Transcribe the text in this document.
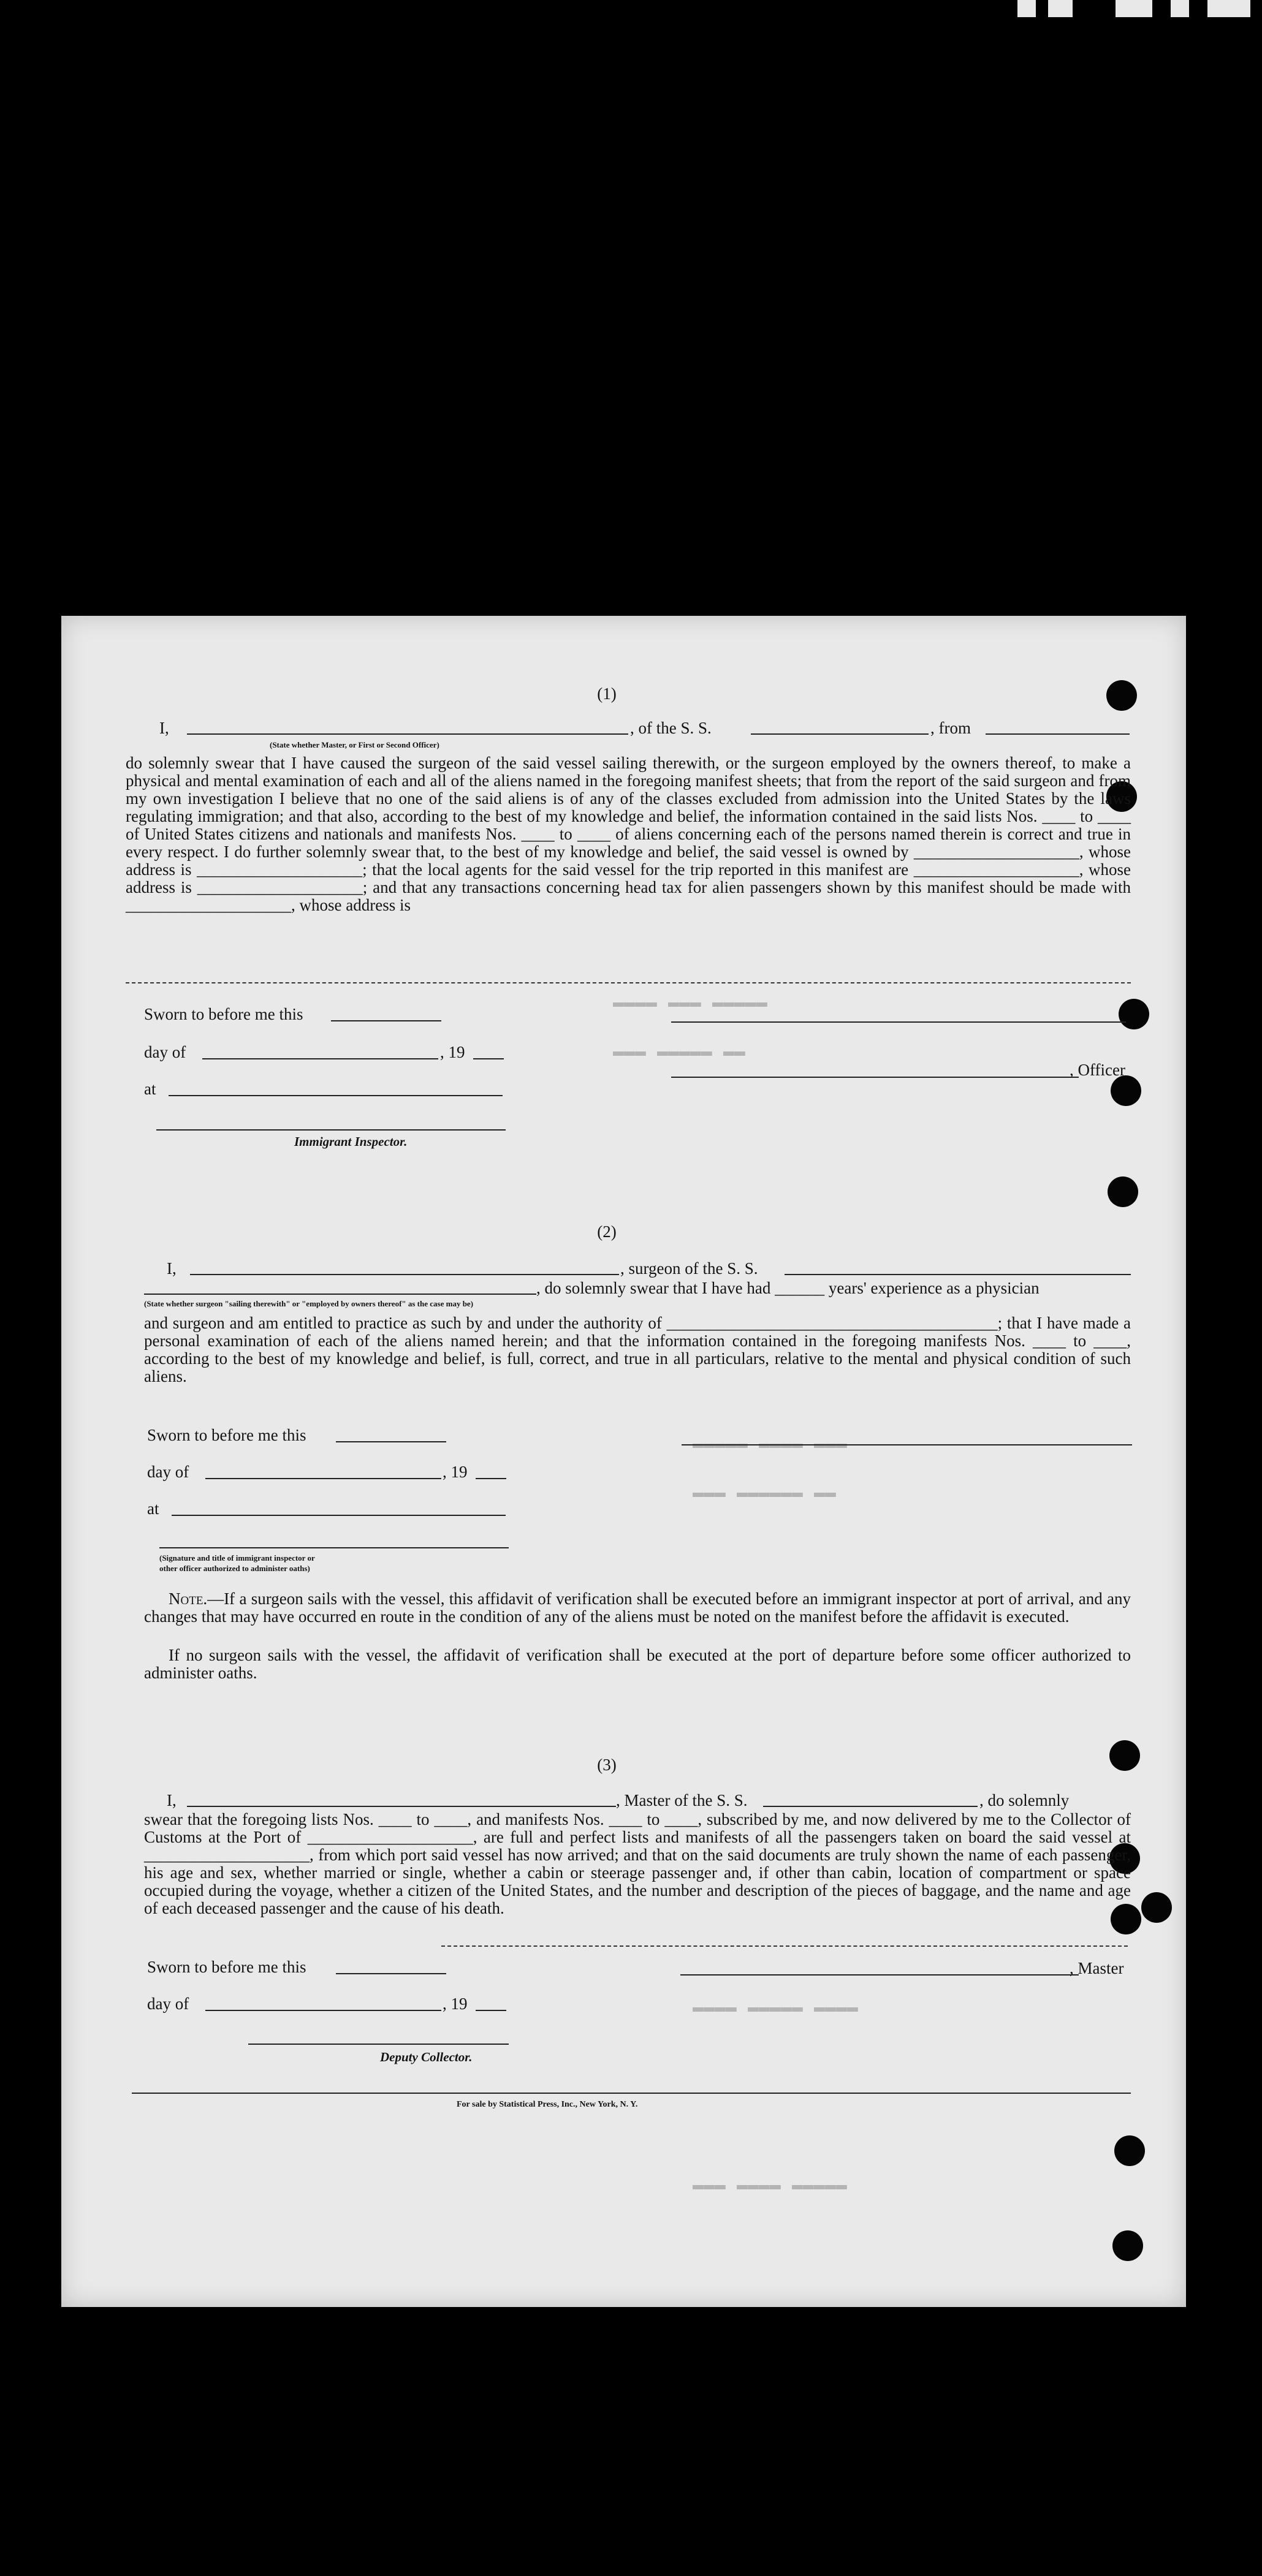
▬▬▬▬ ▬▬▬ ▬▬▬▬▬
▬▬▬ ▬▬▬▬▬ ▬▬
▬▬▬▬▬ ▬▬▬▬ ▬▬▬
▬▬▬ ▬▬▬▬▬▬ ▬▬
▬▬▬▬ ▬▬▬▬▬ ▬▬▬▬
▬▬▬ ▬▬▬▬ ▬▬▬▬▬
(1)
I,	, of the S. S.	, from
(State whether Master, or First or Second Officer)
do solemnly swear that I have caused the surgeon of the said vessel sailing therewith, or the surgeon employed by the owners thereof, to make a physical and mental examination of each and all of the aliens named in the foregoing manifest sheets; that from the report of the said surgeon and from my own investigation I believe that no one of the said aliens is of any of the classes excluded from admission into the United States by the laws regulating immigration; and that also, according to the best of my knowledge and belief, the information contained in the said lists Nos. ____ to ____ of United States citizens and nationals and manifests Nos. ____ to ____ of aliens concerning each of the persons named therein is correct and true in every respect. I do further solemnly swear that, to the best of my knowledge and belief, the said vessel is owned by ____________________, whose address is ____________________; that the local agents for the said vessel for the trip reported in this manifest are ____________________, whose address is ____________________; and that any transactions concerning head tax for alien passengers shown by this manifest should be made with ____________________, whose address is
Sworn to before me this
day of	, 19
at
Immigrant Inspector.
, Officer
(2)
I,	, surgeon of the S. S.
, do solemnly swear that I have had ______ years' experience as a physician
(State whether surgeon "sailing therewith" or "employed by owners thereof" as the case may be)
and surgeon and am entitled to practice as such by and under the authority of ________________________________________; that I have made a personal examination of each of the aliens named herein; and that the information contained in the foregoing manifests Nos. ____ to ____, according to the best of my knowledge and belief, is full, correct, and true in all particulars, relative to the mental and physical condition of such aliens.
Sworn to before me this
day of	, 19
at
(Signature and title of immigrant inspector or
other officer authorized to administer oaths)
Note.—If a surgeon sails with the vessel, this affidavit of verification shall be executed before an immigrant inspector at port of arrival, and any changes that may have occurred en route in the condition of any of the aliens must be noted on the manifest before the affidavit is executed.
If no surgeon sails with the vessel, the affidavit of verification shall be executed at the port of departure before some officer authorized to administer oaths.
(3)
I,	, Master of the S. S.	, do solemnly
swear that the foregoing lists Nos. ____ to ____, and manifests Nos. ____ to ____, subscribed by me, and now delivered by me to the Collector of Customs at the Port of ____________________, are full and perfect lists and manifests of all the passengers taken on board the said vessel at ____________________, from which port said vessel has now arrived; and that on the said documents are truly shown the name of each passenger, his age and sex, whether married or single, whether a cabin or steerage passenger and, if other than cabin, location of compartment or space occupied during the voyage, whether a citizen of the United States, and the number and description of the pieces of baggage, and the name and age of each deceased passenger and the cause of his death.
Sworn to before me this
day of	, 19
Deputy Collector.
, Master
For sale by Statistical Press, Inc., New York, N. Y.
